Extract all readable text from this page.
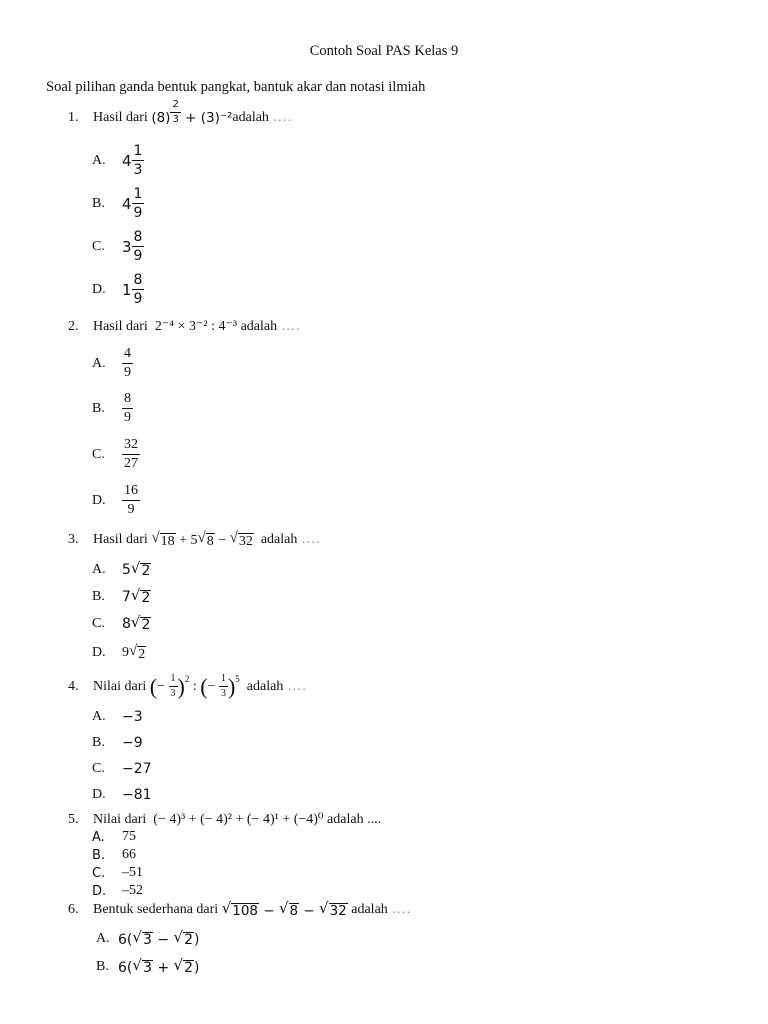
Contoh Soal PAS Kelas 9
Soal pilihan ganda bentuk pangkat, bantuk akar dan notasi ilmiah
1.	Hasil dari
$(8) \frac{2}{3} + (3)^{-2}$ adalah ….
A.	4
1
3
B.	4
1
9
C.	3
8
9
D.	1
8
9
2.	Hasil dari
2⁻⁴ × 3⁻² : 4⁻³
adalah ….
A.
4
9
B.
8
9
C.
32
27
D.
16
9
3.	Hasil dari
√ 18
+ 5 √ 8
−
√ 32
adalah ….
A.	5 √ 2
B.	7 √ 2
C.	8 √ 2
D.	9 √ 2
4.	Nilai dari
( −
$\frac{1}{3} )^2$
:
( −
$\frac{1}{3} )^5$
adalah ….
A.	−3
B.	−9
C.	−27
D.	−81
5.	Nilai dari
(− 4)³ + (− 4)² + (− 4)¹ + (−4)⁰
adalah
....
A.	75
B.	66
C.	–51
D.	–52
6.	Bentuk sederhana dari
√ 108
−
√ 8
−
√ 32
adalah ….
A. 6( √ 3
−
√ 2 )
B. 6( √ 3
+
√ 2 )
